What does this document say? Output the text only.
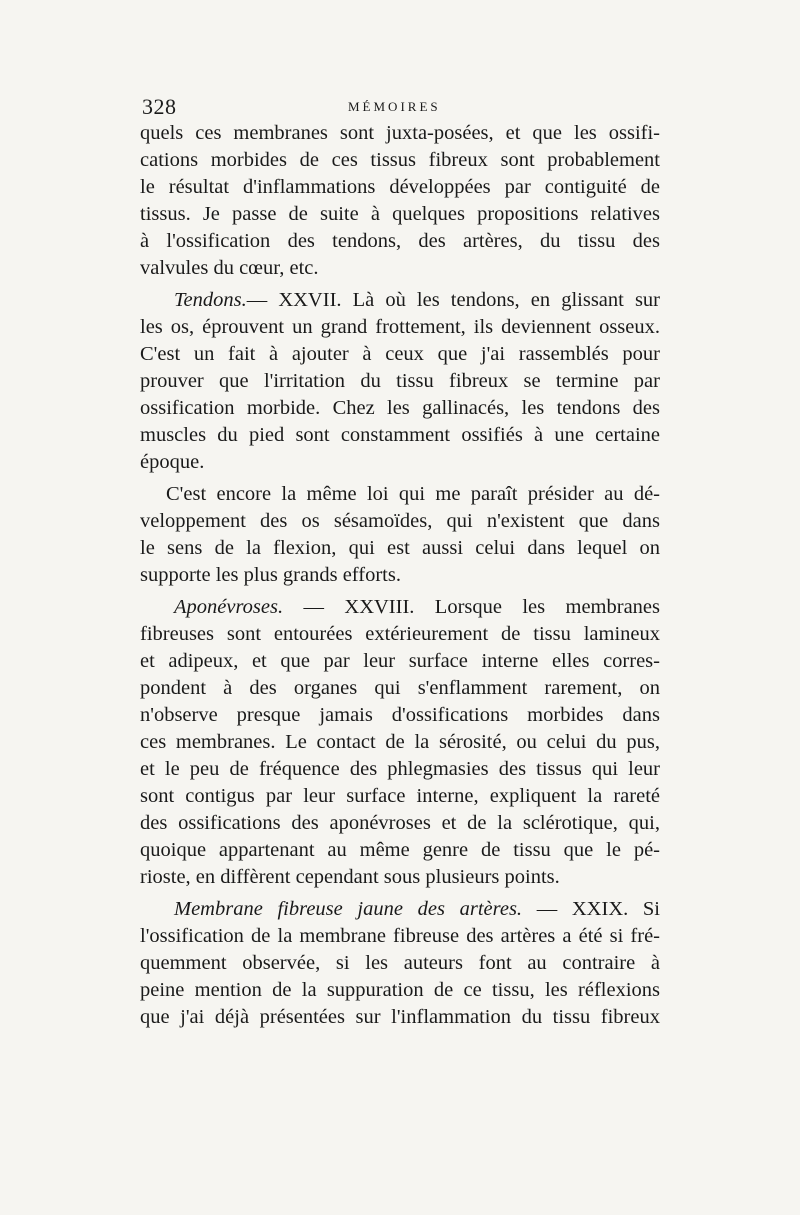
328	MÉMOIRES
quels ces membranes sont juxta-posées, et que les ossifi-
cations morbides de ces tissus fibreux sont probablement
le résultat d'inflammations développées par contiguité de
tissus. Je passe de suite à quelques propositions relatives
à l'ossification des tendons, des artères, du tissu des
valvules du cœur, etc.
Tendons.— XXVII. Là où les tendons, en glissant sur
les os, éprouvent un grand frottement, ils deviennent osseux.
C'est un fait à ajouter à ceux que j'ai rassemblés pour
prouver que l'irritation du tissu fibreux se termine par
ossification morbide. Chez les gallinacés, les tendons des
muscles du pied sont constamment ossifiés à une certaine
époque.
C'est encore la même loi qui me paraît présider au dé-
veloppement des os sésamoïdes, qui n'existent que dans
le sens de la flexion, qui est aussi celui dans lequel on
supporte les plus grands efforts.
Aponévroses. — XXVIII. Lorsque les membranes
fibreuses sont entourées extérieurement de tissu lamineux
et adipeux, et que par leur surface interne elles corres-
pondent à des organes qui s'enflamment rarement, on
n'observe presque jamais d'ossifications morbides dans
ces membranes. Le contact de la sérosité, ou celui du pus,
et le peu de fréquence des phlegmasies des tissus qui leur
sont contigus par leur surface interne, expliquent la rareté
des ossifications des aponévroses et de la sclérotique, qui,
quoique appartenant au même genre de tissu que le pé-
rioste, en diffèrent cependant sous plusieurs points.
Membrane fibreuse jaune des artères. — XXIX. Si
l'ossification de la membrane fibreuse des artères a été si fré-
quemment observée, si les auteurs font au contraire à
peine mention de la suppuration de ce tissu, les réflexions
que j'ai déjà présentées sur l'inflammation du tissu fibreux
